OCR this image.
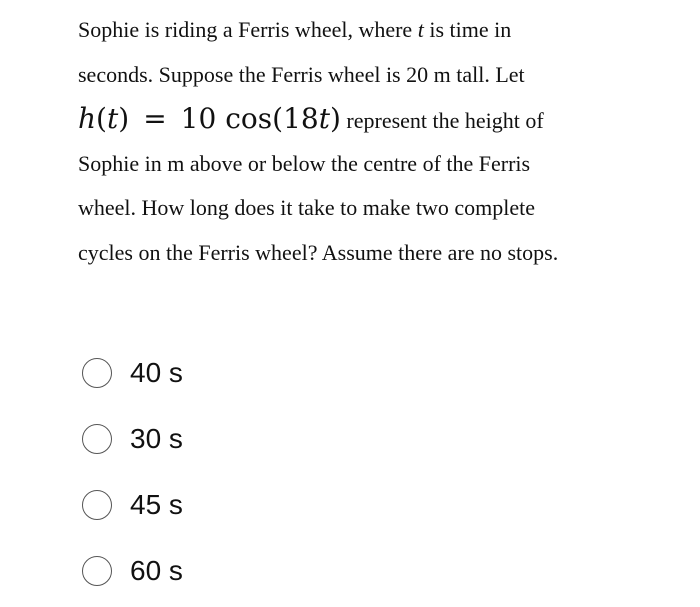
Sophie is riding a Ferris wheel, where t is time in
seconds. Suppose the Ferris wheel is 20 m tall. Let
h(t) = 10 cos(18t) represent the height of
Sophie in m above or below the centre of the Ferris
wheel. How long does it take to make two complete
cycles on the Ferris wheel? Assume there are no stops.
40 s
30 s
45 s
60 s
